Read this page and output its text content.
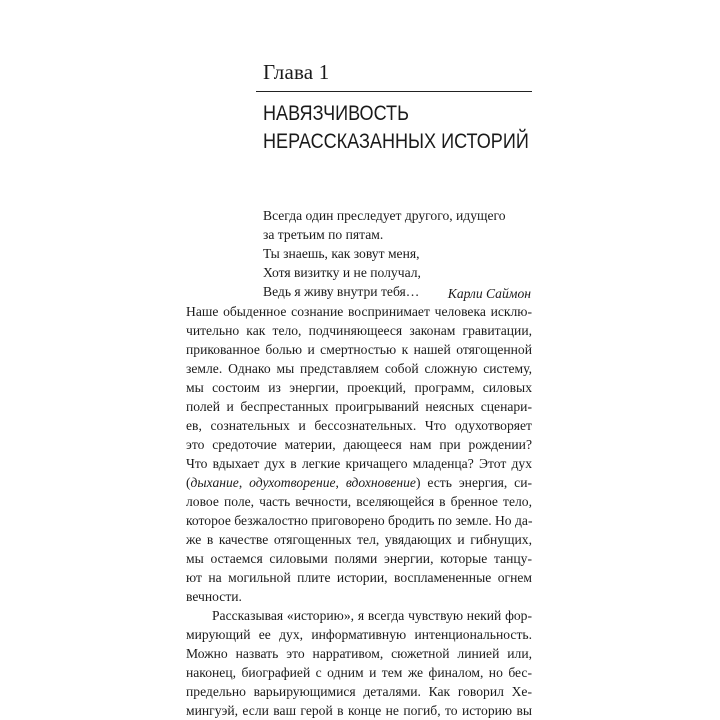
Глава 1
НАВЯЗЧИВОСТЬ
НЕРАССКАЗАННЫХ ИСТОРИЙ
Всегда один преследует другого, идущего
за третьим по пятам.
Ты знаешь, как зовут меня,
Хотя визитку и не получал,
Ведь я живу внутри тебя…	Карли Саймон
Наше обыденное сознание воспринимает человека исклю-
чительно как тело, подчиняющееся законам гравитации,
прикованное болью и смертностью к нашей отягощенной
земле. Однако мы представляем собой сложную систему,
мы состоим из энергии, проекций, программ, силовых
полей и беспрестанных проигрываний неясных сценари-
ев, сознательных и бессознательных. Что одухотворяет
это средоточие материи, дающееся нам при рождении?
Что вдыхает дух в легкие кричащего младенца? Этот дух
(дыхание, одухотворение, вдохновение) есть энергия, си-
ловое поле, часть вечности, вселяющейся в бренное тело,
которое безжалостно приговорено бродить по земле. Но да-
же в качестве отягощенных тел, увядающих и гибнущих,
мы остаемся силовыми полями энергии, которые танцу-
ют на могильной плите истории, воспламененные огнем
вечности.
Рассказывая «историю», я всегда чувствую некий фор-
мирующий ее дух, информативную интенциональность.
Можно назвать это нарративом, сюжетной линией или,
наконец, биографией с одним и тем же финалом, но бес-
предельно варьирующимися деталями. Как говорил Хе-
мингуэй, если ваш герой в конце не погиб, то историю вы
